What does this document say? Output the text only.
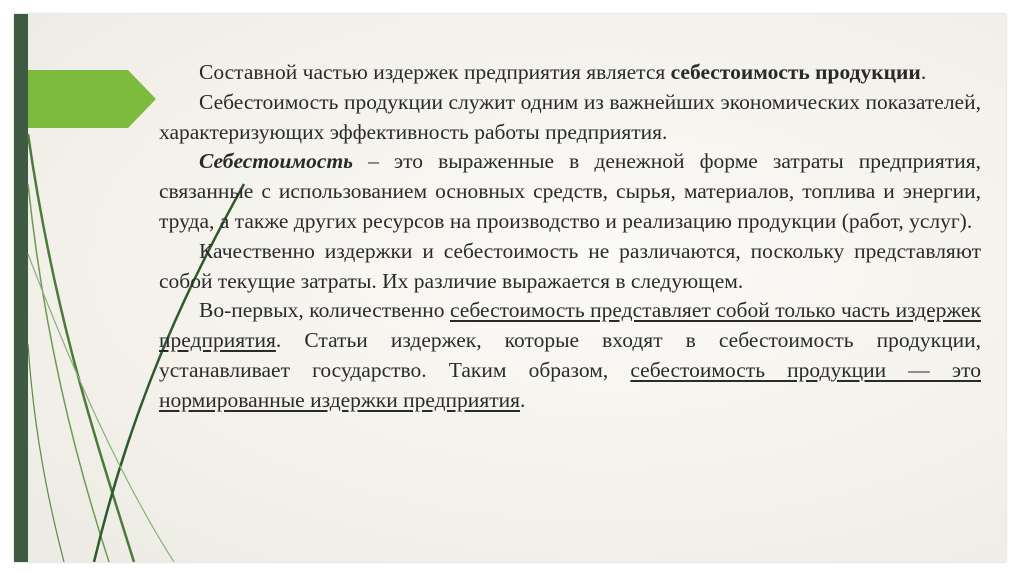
Составной частью издержек предприятия является себестоимость продукции.

Себестоимость продукции служит одним из важнейших экономических показателей, характеризующих эффективность работы предприятия.

Себестоимость – это выраженные в денежной форме затраты предприятия, связанные с использованием основных средств, сырья, материалов, топлива и энергии, труда, а также других ресурсов на производство и реализацию продукции (работ, услуг).

Качественно издержки и себестоимость не различаются, поскольку представляют собой текущие затраты. Их различие выражается в следующем.

Во-первых, количественно себестоимость представляет собой только часть издержек предприятия. Статьи издержек, которые входят в себестоимость продукции, устанавливает государство. Таким образом, себестоимость продукции — это нормированные издержки предприятия.
